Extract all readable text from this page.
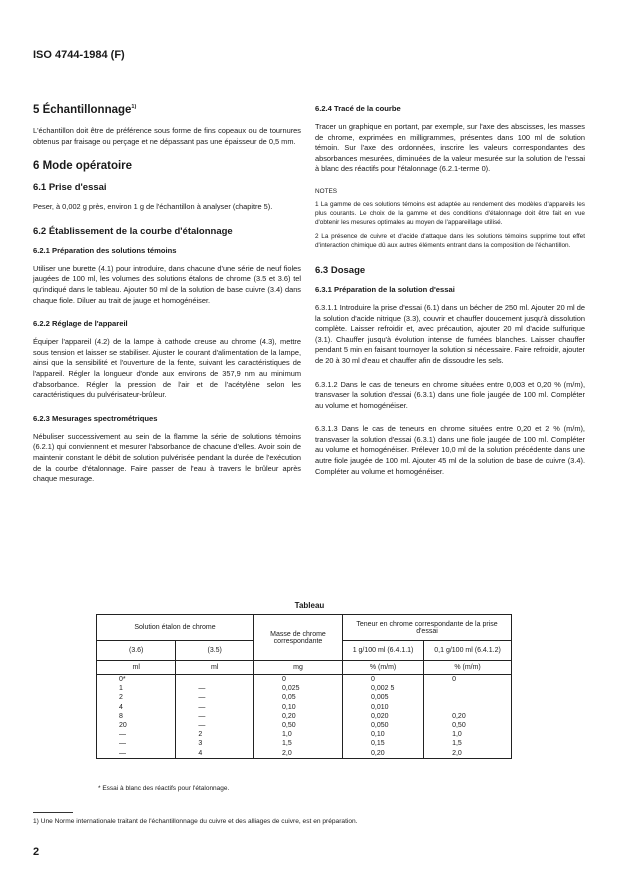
ISO 4744-1984 (F)
5 Échantillonnage$^{1)}$
L'échantillon doit être de préférence sous forme de fins copeaux ou de tournures obtenus par fraisage ou perçage et ne dépassant pas une épaisseur de 0,5 mm.
6 Mode opératoire
6.1 Prise d'essai
Peser, à 0,002 g près, environ 1 g de l'échantillon à analyser (chapitre 5).
6.2 Établissement de la courbe d'étalonnage
6.2.1 Préparation des solutions témoins
Utiliser une burette (4.1) pour introduire, dans chacune d'une série de neuf fioles jaugées de 100 ml, les volumes des solutions étalons de chrome (3.5 et 3.6) tel qu'indiqué dans le tableau. Ajouter 50 ml de la solution de base cuivre (3.4) dans chaque fiole. Diluer au trait de jauge et homogénéiser.
6.2.2 Réglage de l'appareil
Équiper l'appareil (4.2) de la lampe à cathode creuse au chrome (4.3), mettre sous tension et laisser se stabiliser. Ajuster le courant d'alimentation de la lampe, ainsi que la sensibilité et l'ouverture de la fente, suivant les caractéristiques de l'appareil. Régler la longueur d'onde aux environs de 357,9 nm au minimum d'absorbance. Régler la pression de l'air et de l'acétylène selon les caractéristiques du pulvérisateur-brûleur.
6.2.3 Mesurages spectrométriques
Nébuliser successivement au sein de la flamme la série de solutions témoins (6.2.1) qui conviennent et mesurer l'absorbance de chacune d'elles. Avoir soin de maintenir constant le débit de solution pulvérisée pendant la durée de l'exécution de la courbe d'étalonnage. Faire passer de l'eau à travers le brûleur après chaque mesurage.
6.2.4 Tracé de la courbe
Tracer un graphique en portant, par exemple, sur l'axe des abscisses, les masses de chrome, exprimées en milligrammes, présentes dans 100 ml de solution témoin. Sur l'axe des ordonnées, inscrire les valeurs correspondantes des absorbances mesurées, diminuées de la valeur mesurée sur la solution de l'essai à blanc des réactifs pour l'étalonnage (6.2.1-terme 0).
NOTES
1 La gamme de ces solutions témoins est adaptée au rendement des modèles d'appareils les plus courants. Le choix de la gamme et des conditions d'étalonnage doit être fait en vue d'obtenir les mesures optimales au moyen de l'appareillage utilisé.
2 La présence de cuivre et d'acide d'attaque dans les solutions témoins supprime tout effet d'interaction chimique dû aux autres éléments entrant dans la composition de l'échantillon.
6.3 Dosage
6.3.1 Préparation de la solution d'essai
6.3.1.1 Introduire la prise d'essai (6.1) dans un bécher de 250 ml. Ajouter 20 ml de la solution d'acide nitrique (3.3), couvrir et chauffer doucement jusqu'à dissolution complète. Laisser refroidir et, avec précaution, ajouter 20 ml d'acide sulfurique (3.1). Chauffer jusqu'à évolution intense de fumées blanches. Laisser chauffer pendant 5 min en faisant tournoyer la solution si nécessaire. Faire refroidir, ajouter de 20 à 30 ml d'eau et chauffer afin de dissoudre les sels.
6.3.1.2 Dans le cas de teneurs en chrome situées entre 0,003 et 0,20 % (m/m), transvaser la solution d'essai (6.3.1) dans une fiole jaugée de 100 ml. Compléter au volume et homogénéiser.
6.3.1.3 Dans le cas de teneurs en chrome situées entre 0,20 et 2 % (m/m), transvaser la solution d'essai (6.3.1) dans une fiole jaugée de 100 ml. Compléter au volume et homogénéiser. Prélever 10,0 ml de la solution précédente dans une autre fiole jaugée de 100 ml. Ajouter 45 ml de la solution de base de cuivre (3.4). Compléter au volume et homogénéiser.
Tableau
Solution étalon de chrome		Masse de chrome correspondante	Teneur en chrome correspondante de la prise d'essai	
(3.6)	(3.5)		1 g/100 ml (6.4.1.1)	0,1 g/100 ml (6.4.1.2)
ml	ml	mg	% (m/m)	% (m/m)
0*		0	0	0
1	—	0,025	0,002 5	
2	—	0,05	0,005	
4	—	0,10	0,010	
8	—	0,20	0,020	0,20
20	—	0,50	0,050	0,50
—	2	1,0	0,10	1,0
—	3	1,5	0,15	1,5
—	4	2,0	0,20	2,0
* Essai à blanc des réactifs pour l'étalonnage.
1) Une Norme internationale traitant de l'échantillonnage du cuivre et des alliages de cuivre, est en préparation.
2
